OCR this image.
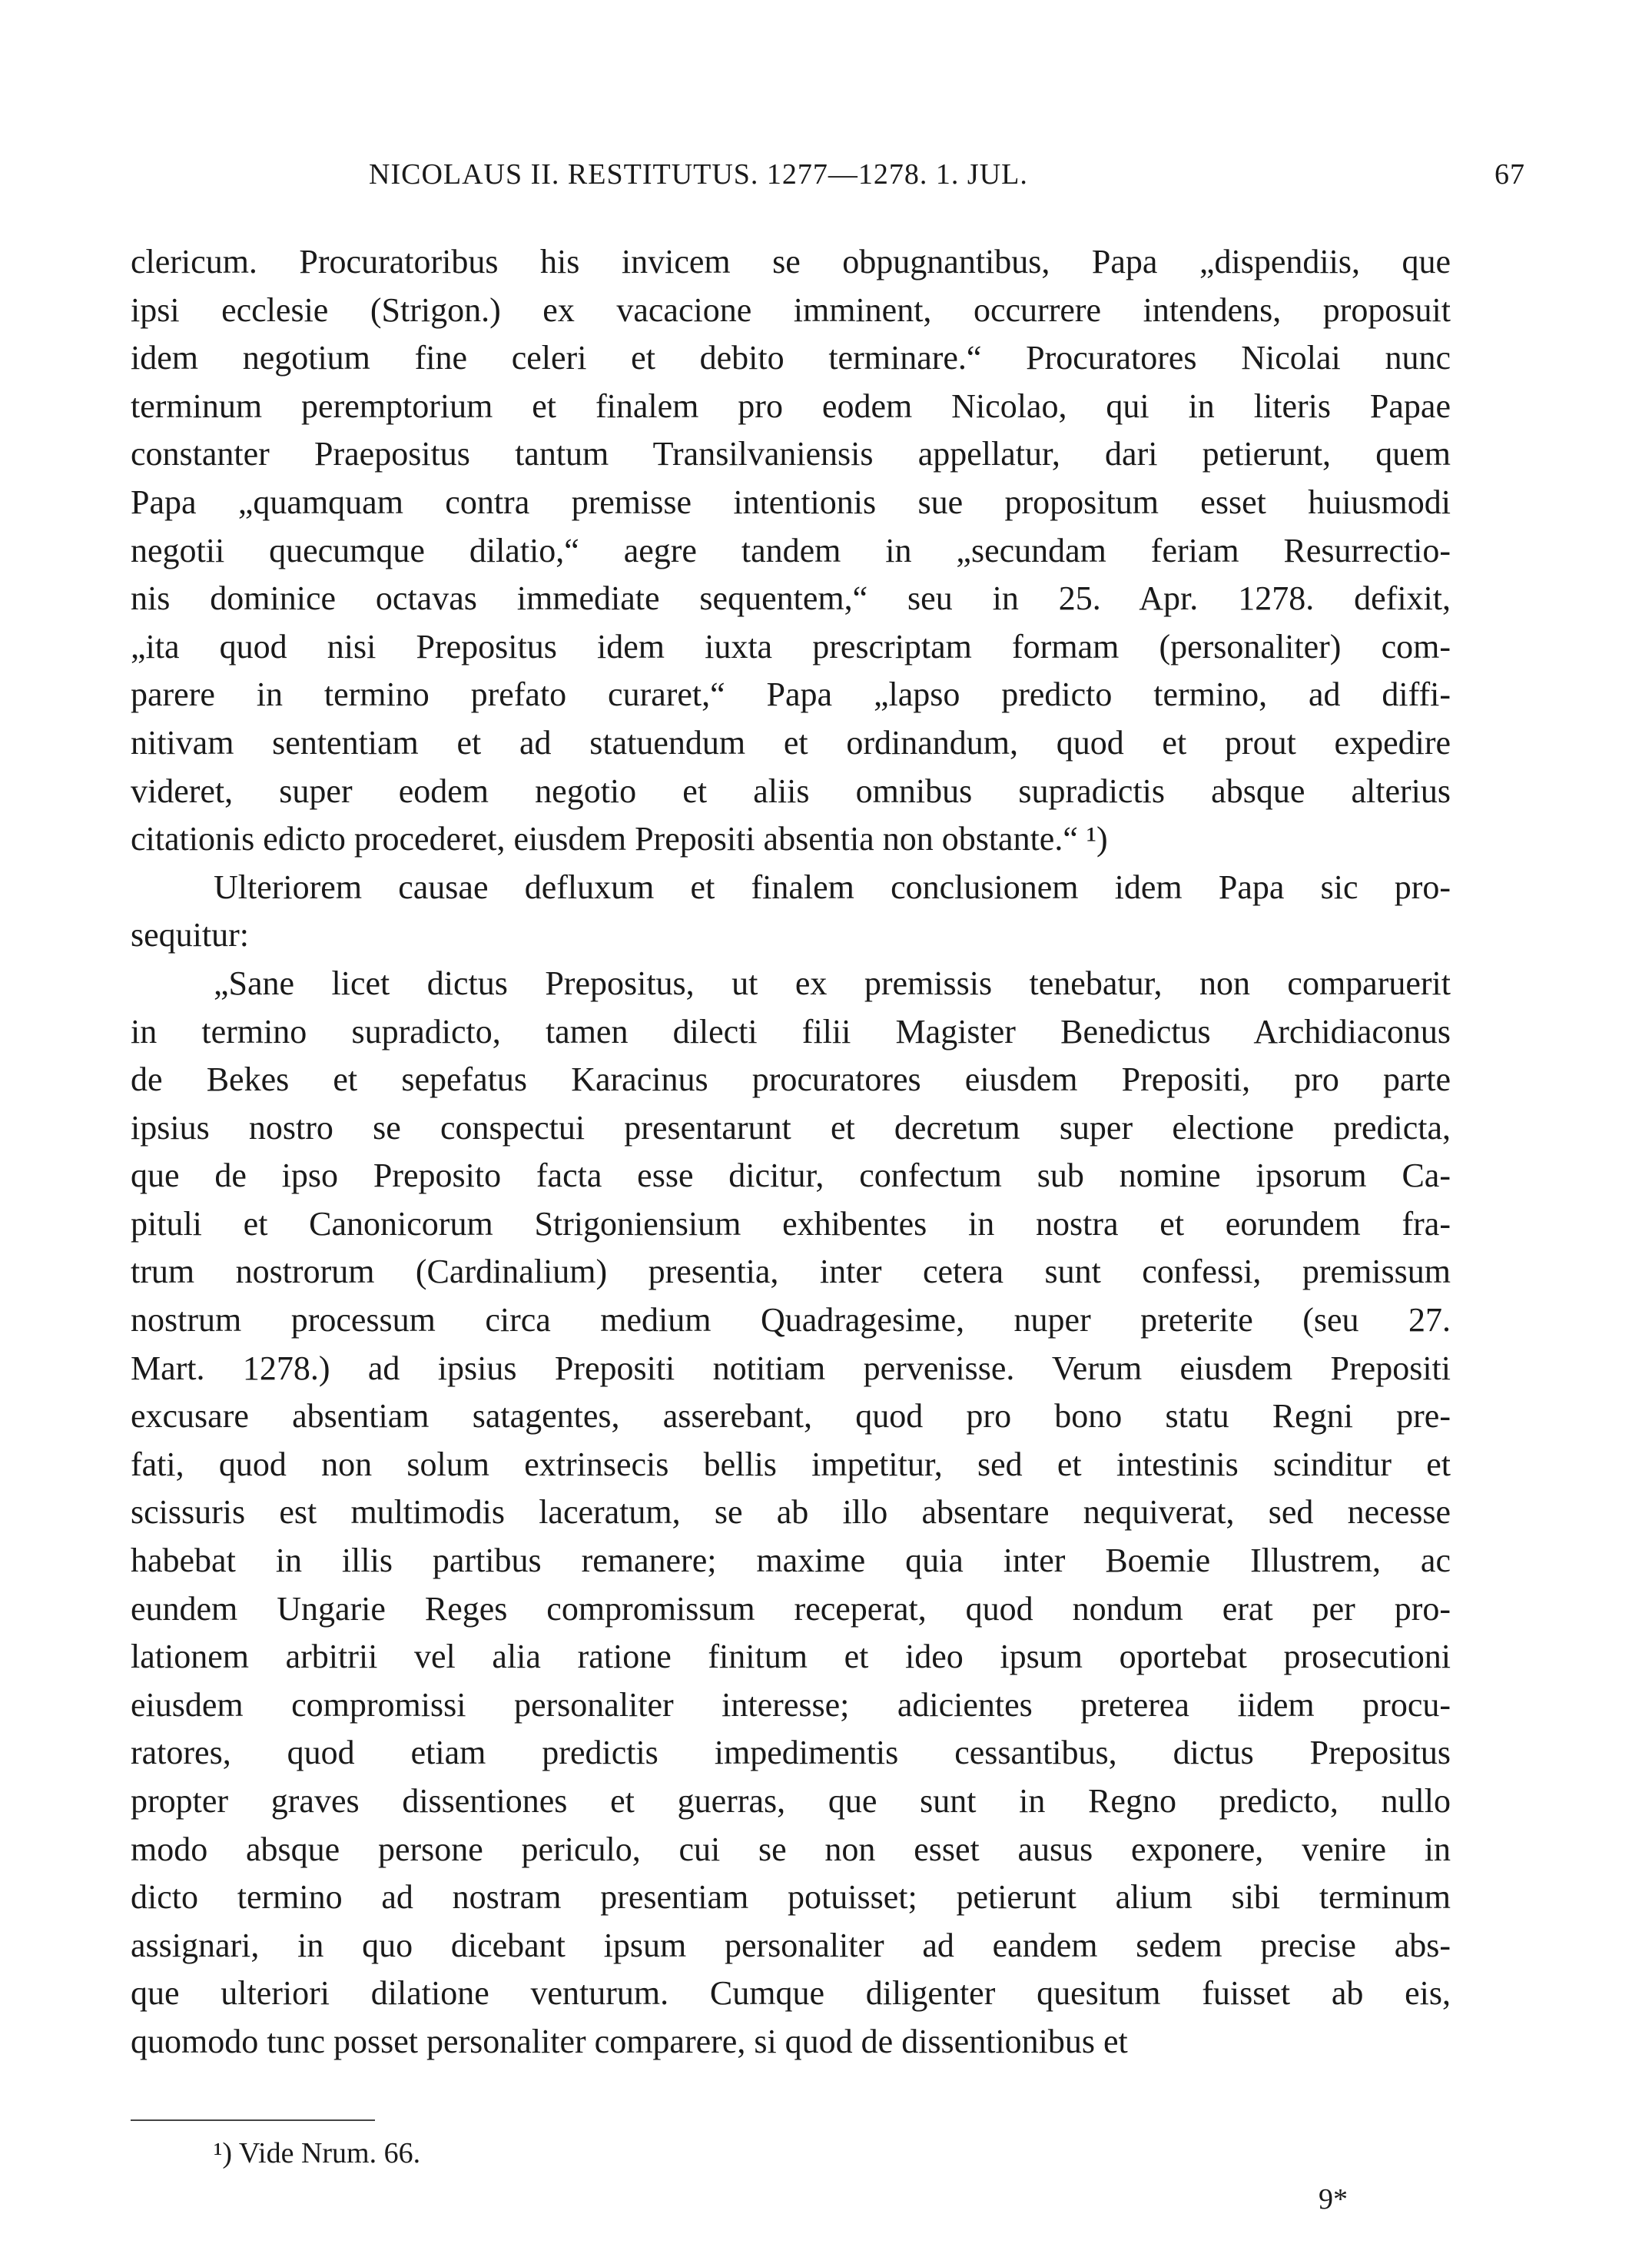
NICOLAUS II. RESTITUTUS. 1277—1278. 1. JUL.	67
clericum. Procuratoribus his invicem se obpugnantibus, Papa „dispendiis, que
ipsi ecclesie (Strigon.) ex vacacione imminent, occurrere intendens, proposuit
idem negotium fine celeri et debito terminare.“ Procuratores Nicolai nunc
terminum peremptorium et finalem pro eodem Nicolao, qui in literis Papae
constanter Praepositus tantum Transilvaniensis appellatur, dari petierunt, quem
Papa „quamquam contra premisse intentionis sue propositum esset huiusmodi
negotii quecumque dilatio,“ aegre tandem in „secundam feriam Resurrectio-
nis dominice octavas immediate sequentem,“ seu in 25. Apr. 1278. defixit,
„ita quod nisi Prepositus idem iuxta prescriptam formam (personaliter) com-
parere in termino prefato curaret,“ Papa „lapso predicto termino, ad diffi-
nitivam sententiam et ad statuendum et ordinandum, quod et prout expedire
videret, super eodem negotio et aliis omnibus supradictis absque alterius
citationis edicto procederet, eiusdem Prepositi absentia non obstante.“ ¹)
Ulteriorem causae defluxum et finalem conclusionem idem Papa sic pro-
sequitur:
„Sane licet dictus Prepositus, ut ex premissis tenebatur, non comparuerit
in termino supradicto, tamen dilecti filii Magister Benedictus Archidiaconus
de Bekes et sepefatus Karacinus procuratores eiusdem Prepositi, pro parte
ipsius nostro se conspectui presentarunt et decretum super electione predicta,
que de ipso Preposito facta esse dicitur, confectum sub nomine ipsorum Ca-
pituli et Canonicorum Strigoniensium exhibentes in nostra et eorundem fra-
trum nostrorum (Cardinalium) presentia, inter cetera sunt confessi, premissum
nostrum processum circa medium Quadragesime, nuper preterite (seu 27.
Mart. 1278.) ad ipsius Prepositi notitiam pervenisse. Verum eiusdem Prepositi
excusare absentiam satagentes, asserebant, quod pro bono statu Regni pre-
fati, quod non solum extrinsecis bellis impetitur, sed et intestinis scinditur et
scissuris est multimodis laceratum, se ab illo absentare nequiverat, sed necesse
habebat in illis partibus remanere; maxime quia inter Boemie Illustrem, ac
eundem Ungarie Reges compromissum receperat, quod nondum erat per pro-
lationem arbitrii vel alia ratione finitum et ideo ipsum oportebat prosecutioni
eiusdem compromissi personaliter interesse; adicientes preterea iidem procu-
ratores, quod etiam predictis impedimentis cessantibus, dictus Prepositus
propter graves dissentiones et guerras, que sunt in Regno predicto, nullo
modo absque persone periculo, cui se non esset ausus exponere, venire in
dicto termino ad nostram presentiam potuisset; petierunt alium sibi terminum
assignari, in quo dicebant ipsum personaliter ad eandem sedem precise abs-
que ulteriori dilatione venturum. Cumque diligenter quesitum fuisset ab eis,
quomodo tunc posset personaliter comparere, si quod de dissentionibus et
¹) Vide Nrum. 66.
9*
